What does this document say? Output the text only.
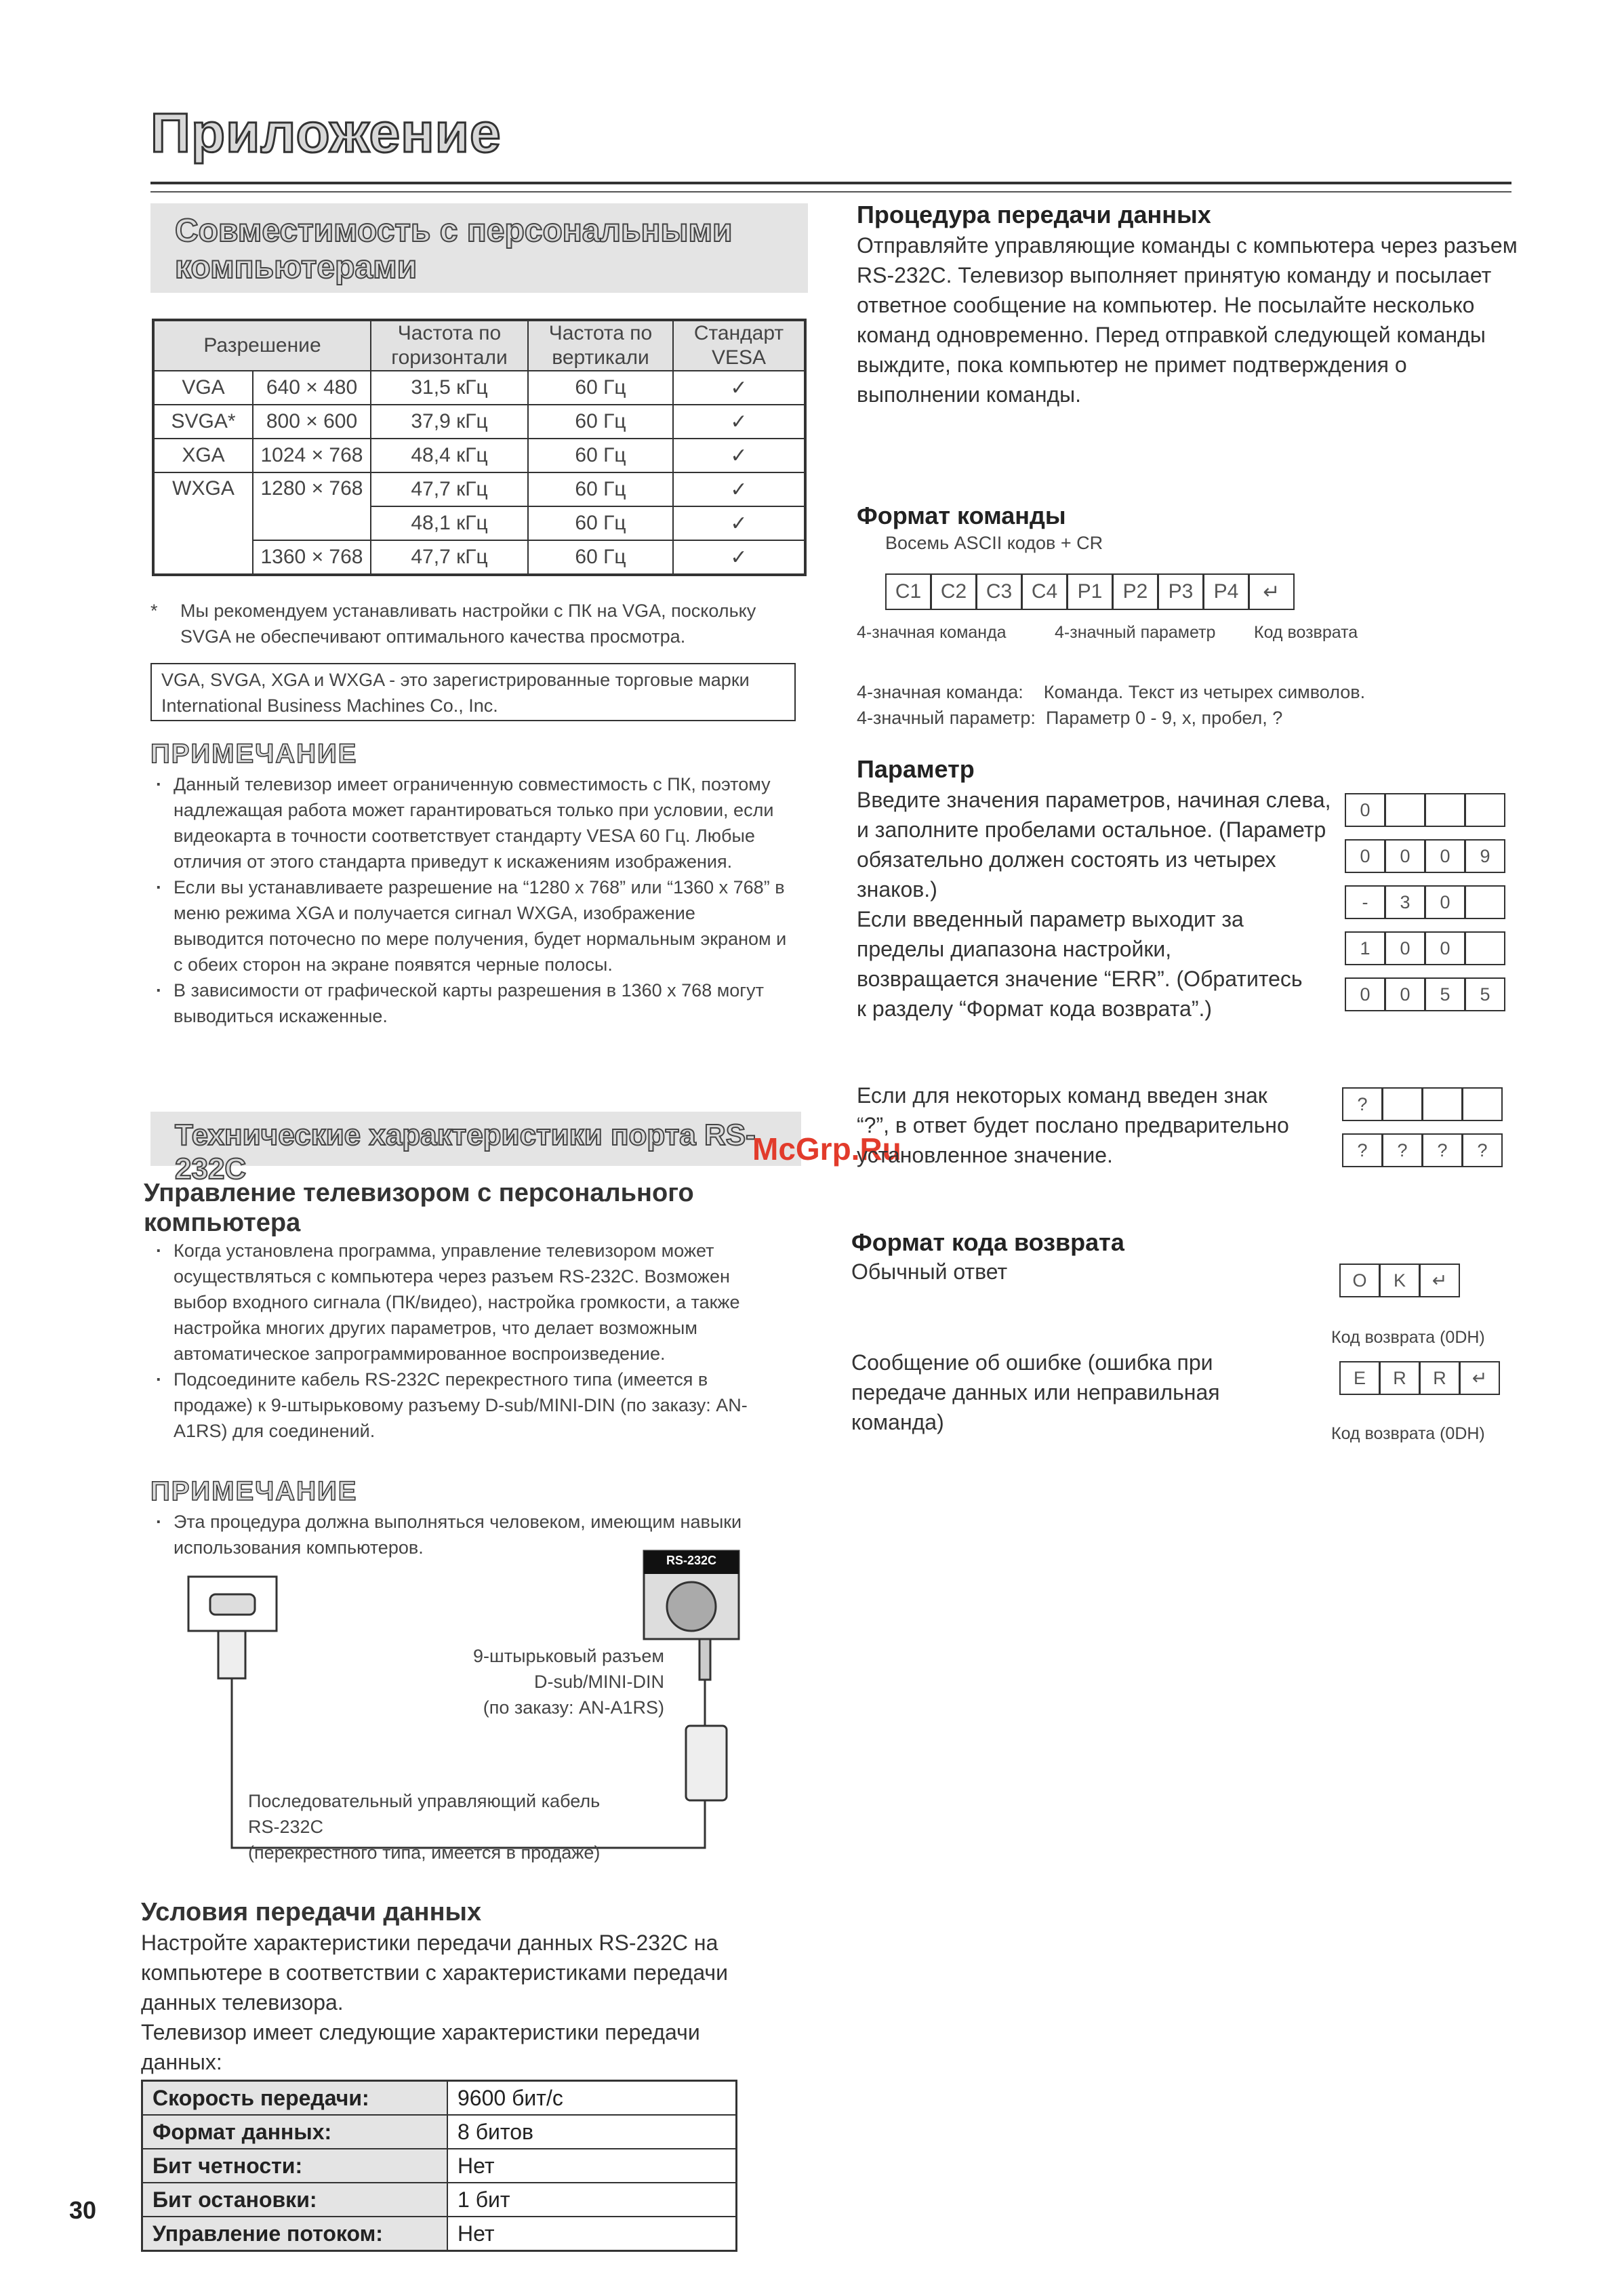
Приложение
Совместимость с персональными
компьютерами
Разрешение		Частота по горизонтали	Частота по вертикали	Стандарт VESA
VGA	640 × 480	31,5 кГц	60 Гц	✓
SVGA*	800 × 600	37,9 кГц	60 Гц	✓
XGA	1024 × 768	48,4 кГц	60 Гц	✓
WXGA	1280 × 768	47,7 кГц	60 Гц	✓
		48,1 кГц	60 Гц	✓
	1360 × 768	47,7 кГц	60 Гц	✓
* Мы рекомендуем устанавливать настройки с ПК на VGA, поскольку SVGA не обеспечивают оптимального качества просмотра.
VGA, SVGA, XGA и WXGA - это зарегистрированные торговые марки International Business Machines Co., Inc.
ПРИМЕЧАНИЕ
· Данный телевизор имеет ограниченную совместимость с ПК, поэтому надлежащая работа может гарантироваться только при условии, если видеокарта в точности соответствует стандарту VESA 60 Гц. Любые отличия от этого стандарта приведут к искажениям изображения.
· Если вы устанавливаете разрешение на “1280 x 768” или “1360 x 768” в меню режима XGA и получается сигнал WXGA, изображение выводится поточесно по мере получения, будет нормальным экраном и с обеих сторон на экране появятся черные полосы.
· В зависимости от графической карты разрешения в 1360 x 768 могут выводиться искаженные.
Технические характеристики порта RS-232C
McGrp.Ru
Управление телевизором с персонального компьютера
· Когда установлена программа, управление телевизором может осуществляться с компьютера через разъем RS-232C. Возможен выбор входного сигнала (ПК/видео), настройка громкости, а также настройка многих других параметров, что делает возможным автоматическое запрограммированное воспроизведение.
· Подсоедините кабель RS-232C перекрестного типа (имеется в продаже) к 9-штырьковому разъему D-sub/MINI-DIN (по заказу: AN-A1RS) для соединений.
ПРИМЕЧАНИЕ
· Эта процедура должна выполняться человеком, имеющим навыки использования компьютеров.
RS-232C
9-штырьковый разъем
D-sub/MINI-DIN
(по заказу: AN-A1RS)
Последовательный управляющий кабель
RS-232C
(перекрестного типа, имеется в продаже)
Условия передачи данных
Настройте характеристики передачи данных RS-232C на компьютере в соответствии с характеристиками передачи данных телевизора.
Телевизор имеет следующие характеристики передачи данных:
Скорость передачи:	9600 бит/с
Формат данных:	8 битов
Бит четности:	Нет
Бит остановки:	1 бит
Управление потоком:	Нет
30
Процедура передачи данных
Отправляйте управляющие команды с компьютера через разъем RS-232C. Телевизор выполняет принятую команду и посылает ответное сообщение на компьютер. Не посылайте несколько команд одновременно. Перед отправкой следующей команды выждите, пока компьютер не примет подтверждения о выполнении команды.
Формат команды
Восемь ASCII кодов + CR
C1 C2 C3 C4 P1	P2	P3	P4	↵
4-значная команда	4-значный параметр Код возврата
4-значная команда: Команда. Текст из четырех символов.
4-значный параметр: Параметр 0 - 9, x, пробел, ?
Параметр
Введите значения параметров, начиная слева, и заполните пробелами остальное. (Параметр обязательно должен состоять из четырех знаков.)
Если введенный параметр выходит за пределы диапазона настройки, возвращается значение “ERR”. (Обратитесь к разделу “Формат кода возврата”.)
Если для некоторых команд введен знак “?”, в ответ будет послано предварительно установленное значение.
0
0	0	0	9
-	3	0
1	0	0
0	0	5	5
?
?	?	?	?
Формат кода возврата
Обычный ответ	O	K	↵
Код возврата (0DH)
Сообщение об ошибке (ошибка при передаче данных или неправильная команда)
E	R	R	↵
Код возврата (0DH)
